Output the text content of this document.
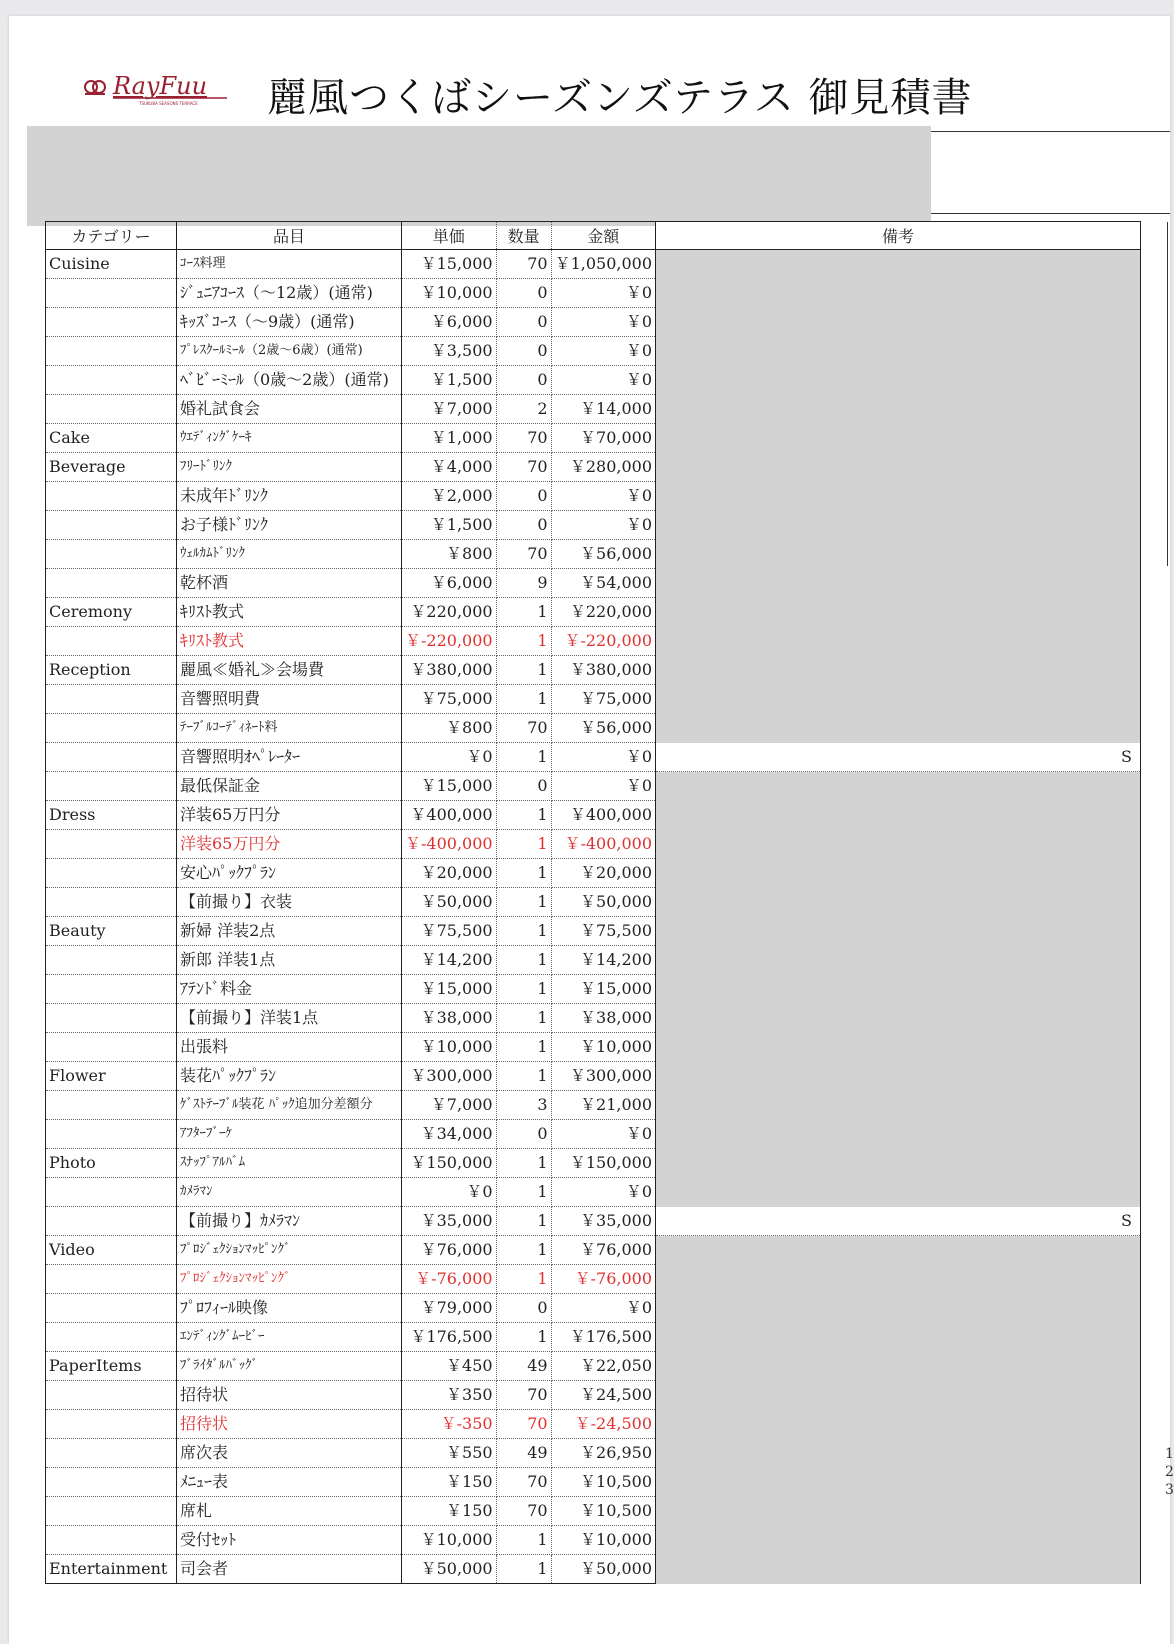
RayFuu
TSUKUBA SEASONS TERRACE 麗風つくばシーズンズテラス 御見積書
カテゴリー	品目	単価	数量	金額	備考
Cuisine	ｺｰｽ料理	￥15,000	70	￥1,050,000	
	ｼﾞｭﾆｱｺｰｽ（～12歳）(通常)	￥10,000	0	￥0	
	ｷｯｽﾞｺｰｽ（～9歳）(通常)	￥6,000	0	￥0	
	ﾌﾟﾚｽｸｰﾙﾐｰﾙ（2歳～6歳）(通常)	￥3,500	0	￥0	
	ﾍﾞﾋﾞｰﾐｰﾙ（0歳～2歳）(通常)	￥1,500	0	￥0	
	婚礼試食会	￥7,000	2	￥14,000	
Cake	ｳｴﾃﾞｨﾝｸﾞｹｰｷ	￥1,000	70	￥70,000	
Beverage	ﾌﾘｰﾄﾞﾘﾝｸ	￥4,000	70	￥280,000	
	未成年ﾄﾞﾘﾝｸ	￥2,000	0	￥0	
	お子様ﾄﾞﾘﾝｸ	￥1,500	0	￥0	
	ｳｪﾙｶﾑﾄﾞﾘﾝｸ	￥800	70	￥56,000	
	乾杯酒	￥6,000	9	￥54,000	
Ceremony	ｷﾘｽﾄ教式	￥220,000	1	￥220,000	
	ｷﾘｽﾄ教式	￥-220,000	1	￥-220,000	
Reception	麗風≪婚礼≫会場費	￥380,000	1	￥380,000	
	音響照明費	￥75,000	1	￥75,000	
	ﾃｰﾌﾞﾙｺｰﾃﾞｨﾈｰﾄ料	￥800	70	￥56,000	
	音響照明ｵﾍﾟﾚｰﾀｰ	￥0	1	￥0	S
	最低保証金	￥15,000	0	￥0	
Dress	洋装65万円分	￥400,000	1	￥400,000	
	洋装65万円分	￥-400,000	1	￥-400,000	
	安心ﾊﾟｯｸﾌﾟﾗﾝ	￥20,000	1	￥20,000	
	【前撮り】衣装	￥50,000	1	￥50,000	
Beauty	新婦 洋装2点	￥75,500	1	￥75,500	
	新郎 洋装1点	￥14,200	1	￥14,200	
	ｱﾃﾝﾄﾞ料金	￥15,000	1	￥15,000	
	【前撮り】洋装1点	￥38,000	1	￥38,000	
	出張料	￥10,000	1	￥10,000	
Flower	装花ﾊﾟｯｸﾌﾟﾗﾝ	￥300,000	1	￥300,000	
	ｹﾞｽﾄﾃｰﾌﾞﾙ装花 ﾊﾟｯｸ追加分差額分	￥7,000	3	￥21,000	
	ｱﾌﾀｰﾌﾞｰｹ	￥34,000	0	￥0	
Photo	ｽﾅｯﾌﾟｱﾙﾊﾞﾑ	￥150,000	1	￥150,000	
	ｶﾒﾗﾏﾝ	￥0	1	￥0	
	【前撮り】ｶﾒﾗﾏﾝ	￥35,000	1	￥35,000	S
Video	ﾌﾟﾛｼﾞｪｸｼｮﾝﾏｯﾋﾟﾝｸﾞ	￥76,000	1	￥76,000	
	ﾌﾟﾛｼﾞｪｸｼｮﾝﾏｯﾋﾟﾝｸﾞ	￥-76,000	1	￥-76,000	
	ﾌﾟﾛﾌｨｰﾙ映像	￥79,000	0	￥0	
	ｴﾝﾃﾞｨﾝｸﾞﾑｰﾋﾞｰ	￥176,500	1	￥176,500	
PaperItems	ﾌﾞﾗｲﾀﾞﾙﾊﾞｯｸﾞ	￥450	49	￥22,050	
	招待状	￥350	70	￥24,500	
	招待状	￥-350	70	￥-24,500	
	席次表	￥550	49	￥26,950	
	ﾒﾆｭｰ表	￥150	70	￥10,500	
	席札	￥150	70	￥10,500	
	受付ｾｯﾄ	￥10,000	1	￥10,000	
Entertainment	司会者	￥50,000	1	￥50,000	
1
2
3
